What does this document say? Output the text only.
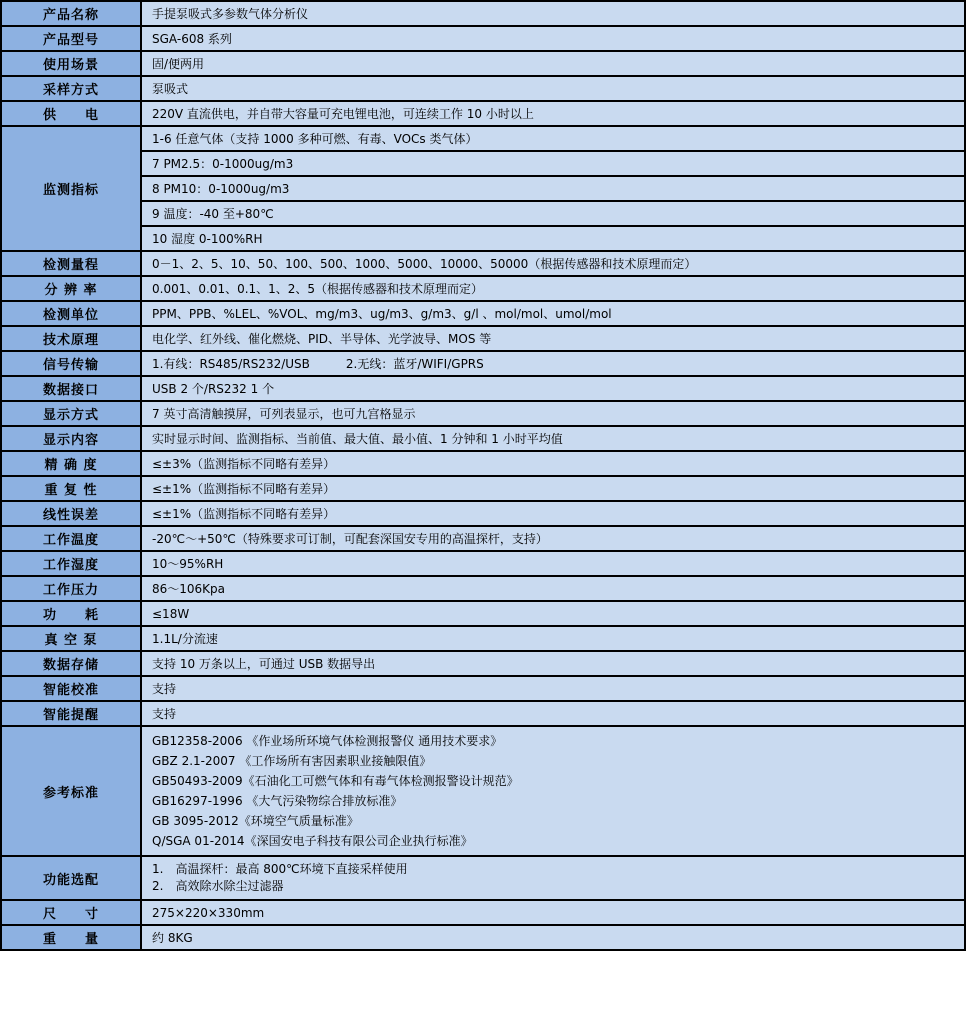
产品名称	手提泵吸式多参数气体分析仪
产品型号	SGA-608 系列
使用场景	固/便两用
采样方式	泵吸式
供　　电	220V 直流供电，并自带大容量可充电锂电池，可连续工作 10 小时以上
监测指标	1-6 任意气体（支持 1000 多种可燃、有毒、VOCs 类气体）
	7 PM2.5：0-1000ug/m3
	8 PM10：0-1000ug/m3
	9 温度：-40 至+80℃
	10 湿度 0-100%RH
检测量程	0－1、2、5、10、50、100、500、1000、5000、10000、50000（根据传感器和技术原理而定）
分 辨 率	0.001、0.01、0.1、1、2、5（根据传感器和技术原理而定）
检测单位	PPM、PPB、%LEL、%VOL、mg/m3、ug/m3、g/m3、g/l 、mol/mol、umol/mol
技术原理	电化学、红外线、催化燃烧、PID、半导体、光学波导、MOS 等
信号传输	1.有线：RS485/RS232/USB　　　2.无线：蓝牙/WIFI/GPRS
数据接口	USB 2 个/RS232 1 个
显示方式	7 英寸高清触摸屏，可列表显示，也可九宫格显示
显示内容	实时显示时间、监测指标、当前值、最大值、最小值、1 分钟和 1 小时平均值
精 确 度	≤±3%（监测指标不同略有差异）
重 复 性	≤±1%（监测指标不同略有差异）
线性误差	≤±1%（监测指标不同略有差异）
工作温度	-20℃～+50℃（特殊要求可订制，可配套深国安专用的高温探杆，支持）
工作湿度	10～95%RH
工作压力	86～106Kpa
功　　耗	≤18W
真 空 泵	1.1L/分流速
数据存储	支持 10 万条以上，可通过 USB 数据导出
智能校准	支持
智能提醒	支持
参考标准	
GB12358-2006 《作业场所环境气体检测报警仪 通用技术要求》
GBZ 2.1-2007 《工作场所有害因素职业接触限值》
GB50493-2009《石油化工可燃气体和有毒气体检测报警设计规范》
GB16297-1996 《大气污染物综合排放标准》
GB 3095-2012《环境空气质量标准》
Q/SGA 01-2014《深国安电子科技有限公司企业执行标准》

功能选配	1.　高温探杆：最高 800℃环境下直接采样使用
2.　高效除水除尘过滤器

尺　　寸	275×220×330mm
重　　量	约 8KG
